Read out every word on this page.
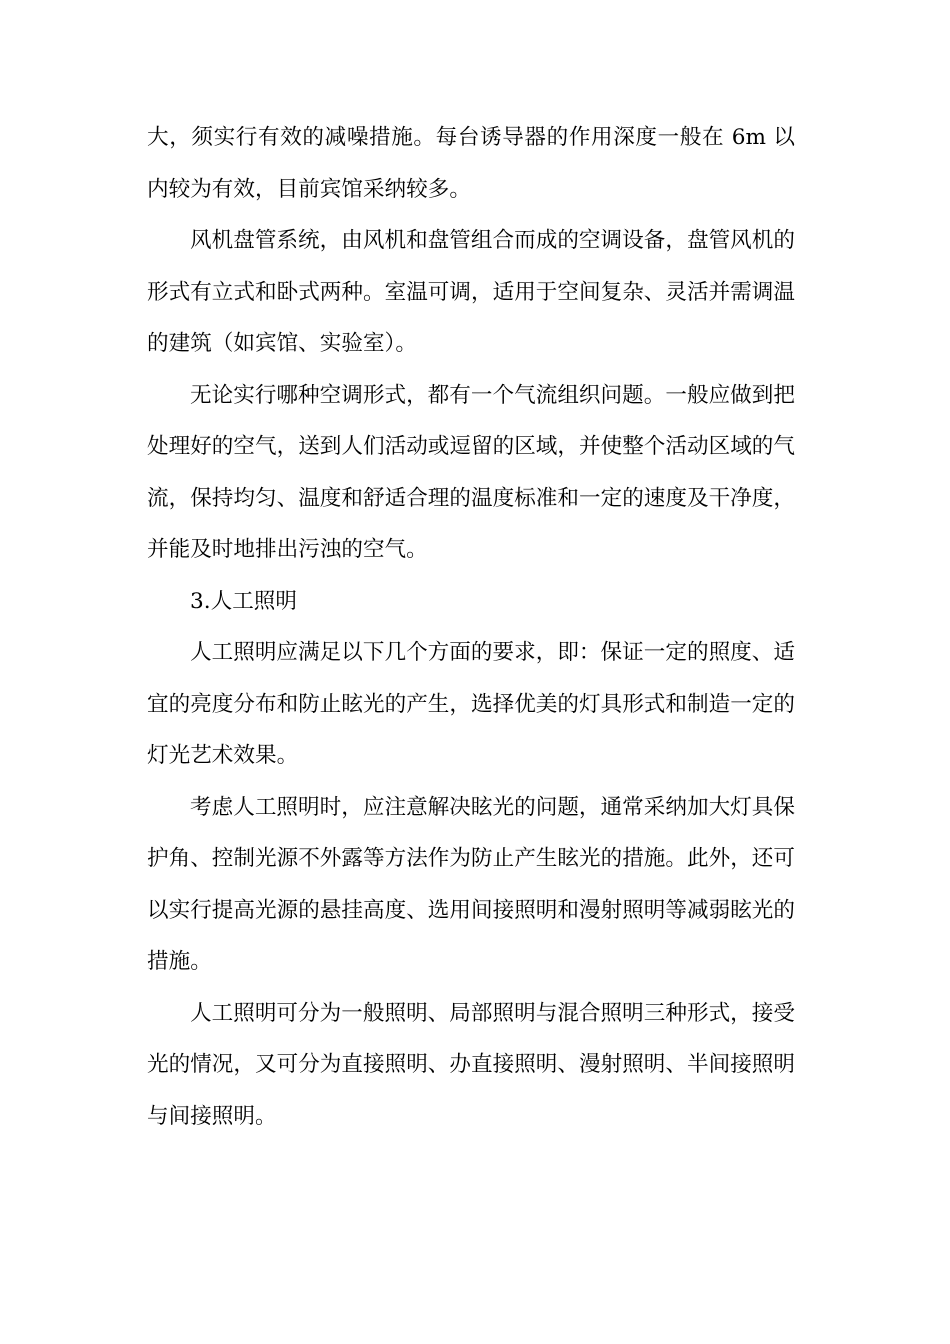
大，须实行有效的减噪措施。每台诱导器的作用深度一般在 6m 以内较为有效，目前宾馆采纳较多。

风机盘管系统，由风机和盘管组合而成的空调设备，盘管风机的形式有立式和卧式两种。室温可调，适用于空间复杂、灵活并需调温的建筑（如宾馆、实验室）。

无论实行哪种空调形式，都有一个气流组织问题。一般应做到把处理好的空气，送到人们活动或逗留的区域，并使整个活动区域的气流，保持均匀、温度和舒适合理的温度标准和一定的速度及干净度，并能及时地排出污浊的空气。

3.人工照明

人工照明应满足以下几个方面的要求，即：保证一定的照度、适宜的亮度分布和防止眩光的产生，选择优美的灯具形式和制造一定的灯光艺术效果。

考虑人工照明时，应注意解决眩光的问题，通常采纳加大灯具保护角、控制光源不外露等方法作为防止产生眩光的措施。此外，还可以实行提高光源的悬挂高度、选用间接照明和漫射照明等减弱眩光的措施。

人工照明可分为一般照明、局部照明与混合照明三种形式，接受光的情况，又可分为直接照明、办直接照明、漫射照明、半间接照明与间接照明。
